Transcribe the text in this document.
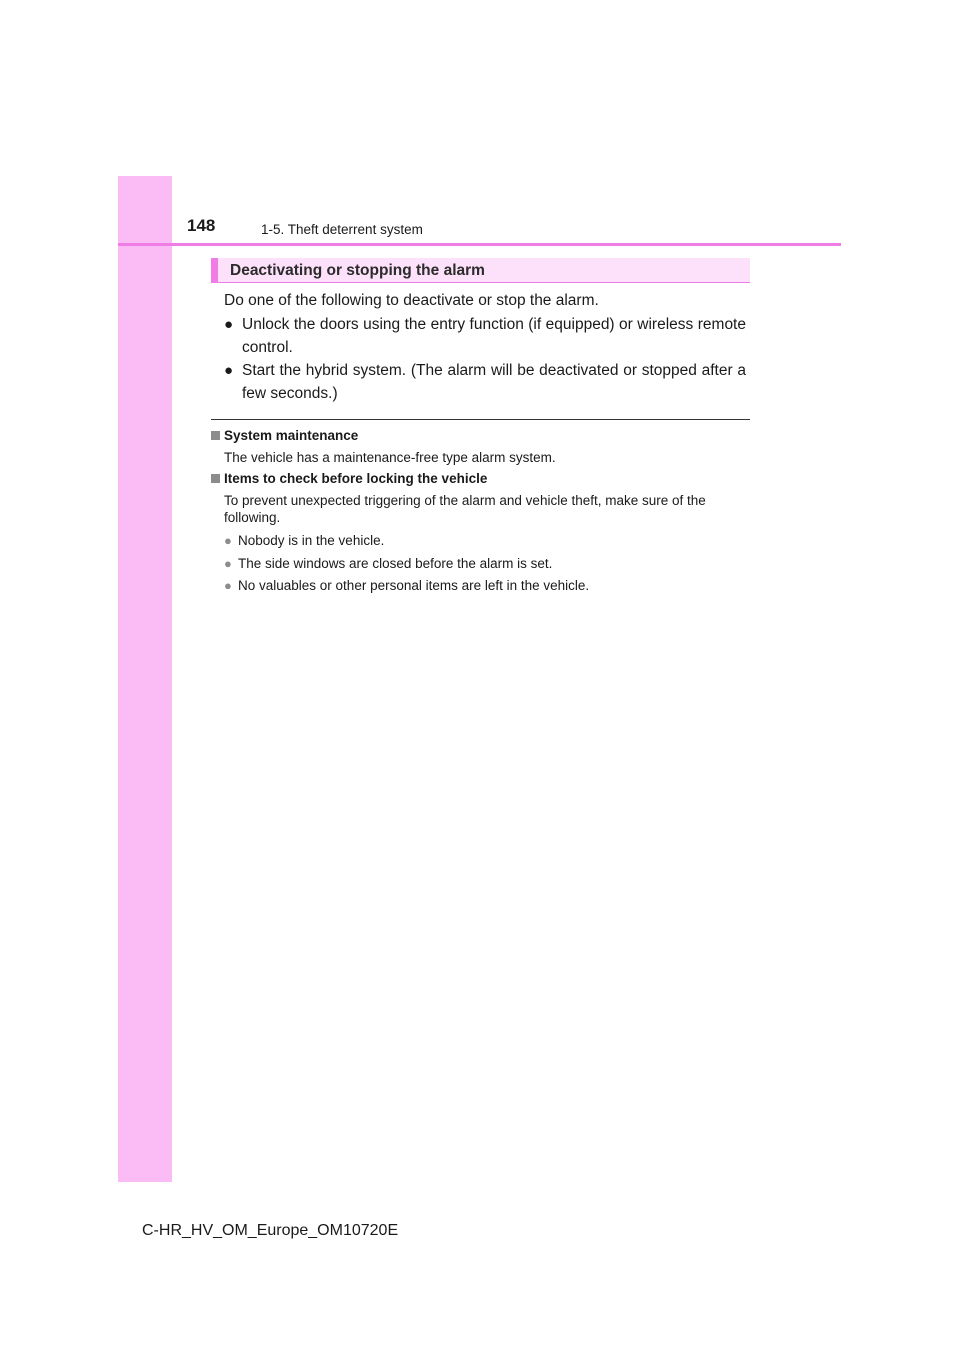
148	1-5. Theft deterrent system
Deactivating or stopping the alarm
Do one of the following to deactivate or stop the alarm.
● Unlock the doors using the entry function (if equipped) or wireless remote control.
● Start the hybrid system. (The alarm will be deactivated or stopped after a few seconds.)
System maintenance
The vehicle has a maintenance-free type alarm system.
Items to check before locking the vehicle
To prevent unexpected triggering of the alarm and vehicle theft, make sure of the following.
● Nobody is in the vehicle.
● The side windows are closed before the alarm is set.
● No valuables or other personal items are left in the vehicle.
C-HR_HV_OM_Europe_OM10720E
